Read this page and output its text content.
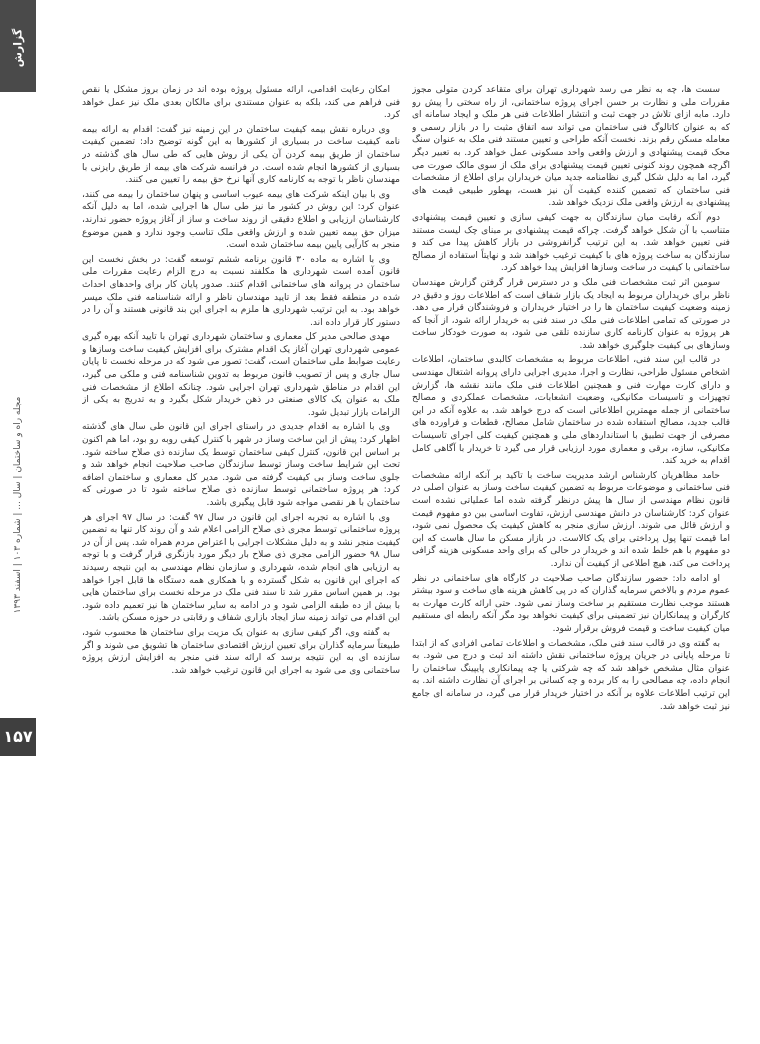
گزارش
مجله راه و ساختمان | سال ... | شماره ۱۰۳ | اسفند ۱۳۹۳
۱۵۷

سست ها، چه به نظر می رسد شهرداری تهران برای متقاعد کردن متولی مجوز مقررات ملی و نظارت بر حسن اجرای پروژه ساختمانی، از راه سختی را پیش رو دارد. مابه ازای تلاش در جهت ثبت و انتشار اطلاعات فنی هر ملک و ایجاد سامانه ای که به عنوان کاتالوگ فنی ساختمان می تواند سه اتفاق مثبت را در بازار رسمی و معامله مسکن رقم بزند. نخست آنکه طراحی و تعیین مستند فنی ملک به عنوان سنگ محک قیمت پیشنهادی و ارزش واقعی واحد مسکونی عمل خواهد کرد. به تعبیر دیگر اگرچه همچون روند کنونی تعیین قیمت پیشنهادی برای ملک از سوی مالک صورت می گیرد، اما به دلیل شکل گیری نظامنامه جدید میان خریداران برای اطلاع از مشخصات فنی ساختمان که تضمین کننده کیفیت آن نیز هست، بهطور طبیعی قیمت های پیشنهادی به ارزش واقعی ملک نزدیک خواهد شد.

دوم آنکه رقابت میان سازندگان به جهت کیفی سازی و تعیین قیمت پیشنهادی متناسب با آن شکل خواهد گرفت. چراکه قیمت پیشنهادی بر مبنای چک لیست مستند فنی تعیین خواهد شد. به این ترتیب گرانفروشی در بازار کاهش پیدا می کند و سازندگان به ساخت پروژه های با کیفیت ترغیب خواهند شد و نهایتاً استفاده از مصالح ساختمانی با کیفیت در ساخت وسازها افزایش پیدا خواهد کرد.

سومین اثر ثبت مشخصات فنی ملک و در دسترس قرار گرفتن گزارش مهندسان ناظر برای خریداران مربوط به ایجاد یک بازار شفاف است که اطلاعات روز و دقیق در زمینه وضعیت کیفیت ساختمان ها را در اختیار خریداران و فروشندگان قرار می دهد. در صورتی که تمامی اطلاعات فنی ملک در سند فنی به خریدار ارائه شود، از آنجا که هر پروژه به عنوان کارنامه کاری سازنده تلقی می شود، به صورت خودکار ساخت وسازهای بی کیفیت جلوگیری خواهد شد.

در قالب این سند فنی، اطلاعات مربوط به مشخصات کالبدی ساختمان، اطلاعات اشخاص مسئول طراحی، نظارت و اجرا، مدیری اجرایی دارای پروانه اشتغال مهندسی و دارای کارت مهارت فنی و همچنین اطلاعات فنی ملک مانند نقشه ها، گزارش تجهیزات و تاسیسات مکانیکی، وضعیت انشعابات، مشخصات عملکردی و مصالح ساختمانی از جمله مهمترین اطلاعاتی است که درج خواهد شد. به علاوه آنکه در این قالب جدید، مصالح استفاده شده در ساختمان شامل مصالح، قطعات و فراورده های مصرفی از جهت تطبیق با استانداردهای ملی و همچنین کیفیت کلی اجرای تاسیسات مکانیکی، سازه، برقی و معماری مورد ارزیابی قرار می گیرد تا خریدار با آگاهی کامل اقدام به خرید کند.

حامد مظاهریان کارشناس ارشد مدیریت ساخت با تاکید بر آنکه ارائه مشخصات فنی ساختمانی و موضوعات مربوط به تضمین کیفیت ساخت وساز به عنوان اصلی در قانون نظام مهندسی از سال ها پیش درنظر گرفته شده اما عملیاتی نشده است عنوان کرد: کارشناسان در دانش مهندسی ارزش، تفاوت اساسی بین دو مفهوم قیمت و ارزش قائل می شوند. ارزش سازی منجر به کاهش کیفیت یک محصول نمی شود، اما قیمت تنها پول پرداختی برای یک کالاست. در بازار مسکن ما سال هاست که این دو مفهوم با هم خلط شده اند و خریدار در حالی که برای واحد مسکونی هزینه گزافی پرداخت می کند، هیچ اطلاعی از کیفیت آن ندارد.

او ادامه داد: حضور سازندگان صاحب صلاحیت در کارگاه های ساختمانی در نظر عموم مردم و بالاخص سرمایه گذاران که در پی کاهش هزینه های ساخت و سود بیشتر هستند موجب نظارت مستقیم بر ساخت وساز نمی شود. حتی ارائه کارت مهارت به کارگران و پیمانکاران نیز تضمینی برای کیفیت نخواهد بود مگر آنکه رابطه ای مستقیم میان کیفیت ساخت و قیمت فروش برقرار شود.

به گفته وی در قالب سند فنی ملک، مشخصات و اطلاعات تمامی افرادی که از ابتدا تا مرحله پایانی در جریان پروژه ساختمانی نقش داشته اند ثبت و درج می شود. به عنوان مثال مشخص خواهد شد که چه شرکتی یا چه پیمانکاری پایپینگ ساختمان را انجام داده، چه مصالحی را به کار برده و چه کسانی بر اجرای آن نظارت داشته اند. به این ترتیب اطلاعات علاوه بر آنکه در اختیار خریدار قرار می گیرد، در سامانه ای جامع نیز ثبت خواهد شد.

امکان رعایت اقدامی، ارائه مسئول پروژه بوده اند در زمان بروز مشکل یا نقص فنی فراهم می کند، بلکه به عنوان مستندی برای مالکان بعدی ملک نیز عمل خواهد کرد.

وی درباره نقش بیمه کیفیت ساختمان در این زمینه نیز گفت: اقدام به ارائه بیمه نامه کیفیت ساخت در بسیاری از کشورها به این گونه توضیح داد: تضمین کیفیت ساختمان از طریق بیمه کردن آن یکی از روش هایی که طی سال های گذشته در بسیاری از کشورها انجام شده است. در فرانسه شرکت های بیمه از طریق رایزنی با مهندسان ناظر با توجه به کارنامه کاری آنها نرخ حق بیمه را تعیین می کنند.

وی با بیان اینکه شرکت های بیمه عیوب اساسی و پنهان ساختمان را بیمه می کنند، عنوان کرد: این روش در کشور ما نیز طی سال ها اجرایی شده، اما به دلیل آنکه کارشناسان ارزیابی و اطلاع دقیقی از روند ساخت و ساز از آغاز پروژه حضور ندارند، میزان حق بیمه تعیین شده و ارزش واقعی ملک تناسب وجود ندارد و همین موضوع منجر به کارآیی پایین بیمه ساختمان شده است.

وی با اشاره به ماده ۳۰ قانون برنامه ششم توسعه گفت: در بخش نخست این قانون آمده است شهرداری ها مکلفند نسبت به درج الزام رعایت مقررات ملی ساختمان در پروانه های ساختمانی اقدام کنند. صدور پایان کار برای واحدهای احداث شده در منطقه فقط بعد از تایید مهندسان ناظر و ارائه شناسنامه فنی ملک میسر خواهد بود. به این ترتیب شهرداری ها ملزم به اجرای این بند قانونی هستند و آن را در دستور کار قرار داده اند.

مهدی صالحی مدیر کل معماری و ساختمان شهرداری تهران با تایید آنکه بهره گیری عمومی شهرداری تهران آغاز یک اقدام مشترک برای افزایش کیفیت ساخت وسازها و رعایت ضوابط ملی ساختمان است، گفت: تصور می شود که در مرحله نخست تا پایان سال جاری و پس از تصویب قانون مربوط به تدوین شناسنامه فنی و ملکی می گیرد، این اقدام در مناطق شهرداری تهران اجرایی شود. چنانکه اطلاع از مشخصات فنی ملک به عنوان یک کالای صنعتی در ذهن خریدار شکل بگیرد و به تدریج به یکی از الزامات بازار تبدیل شود.

وی با اشاره به اقدام جدیدی در راستای اجرای این قانون طی سال های گذشته اظهار کرد: پیش از این ساخت وساز در شهر با کنترل کیفی روبه رو بود، اما هم اکنون بر اساس این قانون، کنترل کیفی ساختمان توسط یک سازنده ذی صلاح ساخته شود. تحت این شرایط ساخت وساز توسط سازندگان صاحب صلاحیت انجام خواهد شد و جلوی ساخت وساز بی کیفیت گرفته می شود. مدیر کل معماری و ساختمان اضافه کرد: هر پروژه ساختمانی توسط سازنده ذی صلاح ساخته شود تا در صورتی که ساختمان با هر نقصی مواجه شود قابل پیگیری باشد.

وی با اشاره به تجربه اجرای این قانون در سال ۹۷ گفت: در سال ۹۷ اجرای هر پروژه ساختمانی توسط مجری ذی صلاح الزامی اعلام شد و آن روند کار تنها به تضمین کیفیت منجر نشد و به دلیل مشکلات اجرایی با اعتراض مردم همراه شد. پس از آن در سال ۹۸ حضور الزامی مجری ذی صلاح بار دیگر مورد بازنگری قرار گرفت و با توجه به ارزیابی های انجام شده، شهرداری و سازمان نظام مهندسی به این نتیجه رسیدند که اجرای این قانون به شکل گسترده و با همکاری همه دستگاه ها قابل اجرا خواهد بود. بر همین اساس مقرر شد تا سند فنی ملک در مرحله نخست برای ساختمان هایی با بیش از ده طبقه الزامی شود و در ادامه به سایر ساختمان ها نیز تعمیم داده شود. این اقدام می تواند زمینه ساز ایجاد بازاری شفاف و رقابتی در حوزه مسکن باشد.

به گفته وی، اگر کیفی سازی به عنوان یک مزیت برای ساختمان ها محسوب شود، طبیعتاً سرمایه گذاران برای تعیین ارزش اقتصادی ساختمان ها تشویق می شوند و اگر سازنده ای به این نتیجه برسد که ارائه سند فنی منجر به افزایش ارزش پروژه ساختمانی وی می شود به اجرای این قانون ترغیب خواهد شد.
